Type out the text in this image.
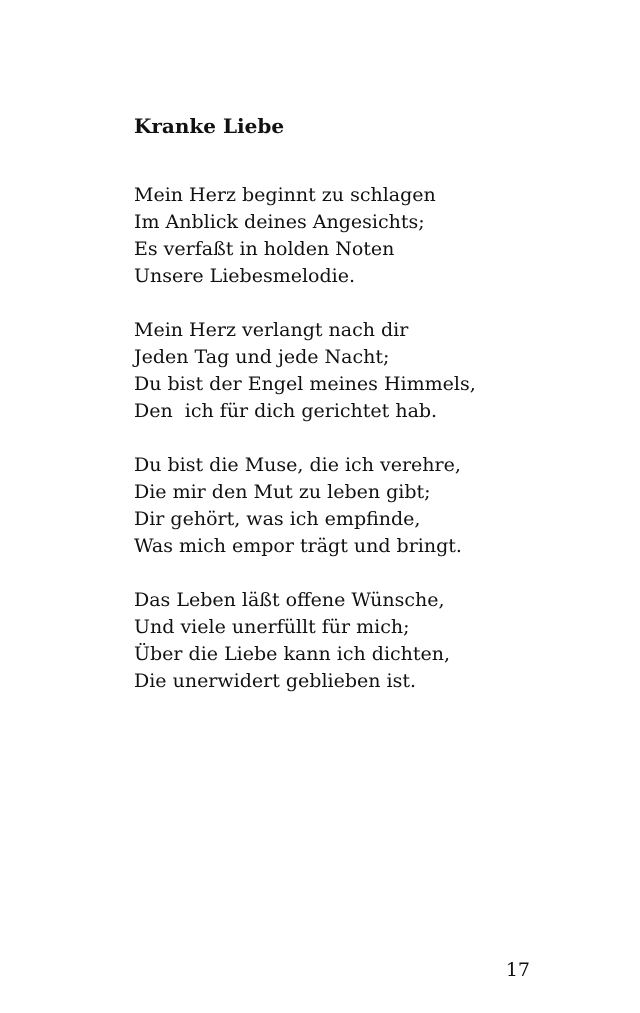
Kranke Liebe
Mein Herz beginnt zu schlagen
Im Anblick deines Angesichts;
Es verfaßt in holden Noten
Unsere Liebesmelodie.
Mein Herz verlangt nach dir
Jeden Tag und jede Nacht;
Du bist der Engel meines Himmels,
Den  ich für dich gerichtet hab.
Du bist die Muse, die ich verehre,
Die mir den Mut zu leben gibt;
Dir gehört, was ich empfinde,
Was mich empor trägt und bringt.
Das Leben läßt offene Wünsche,
Und viele unerfüllt für mich;
Über die Liebe kann ich dichten,
Die unerwidert geblieben ist.
17
